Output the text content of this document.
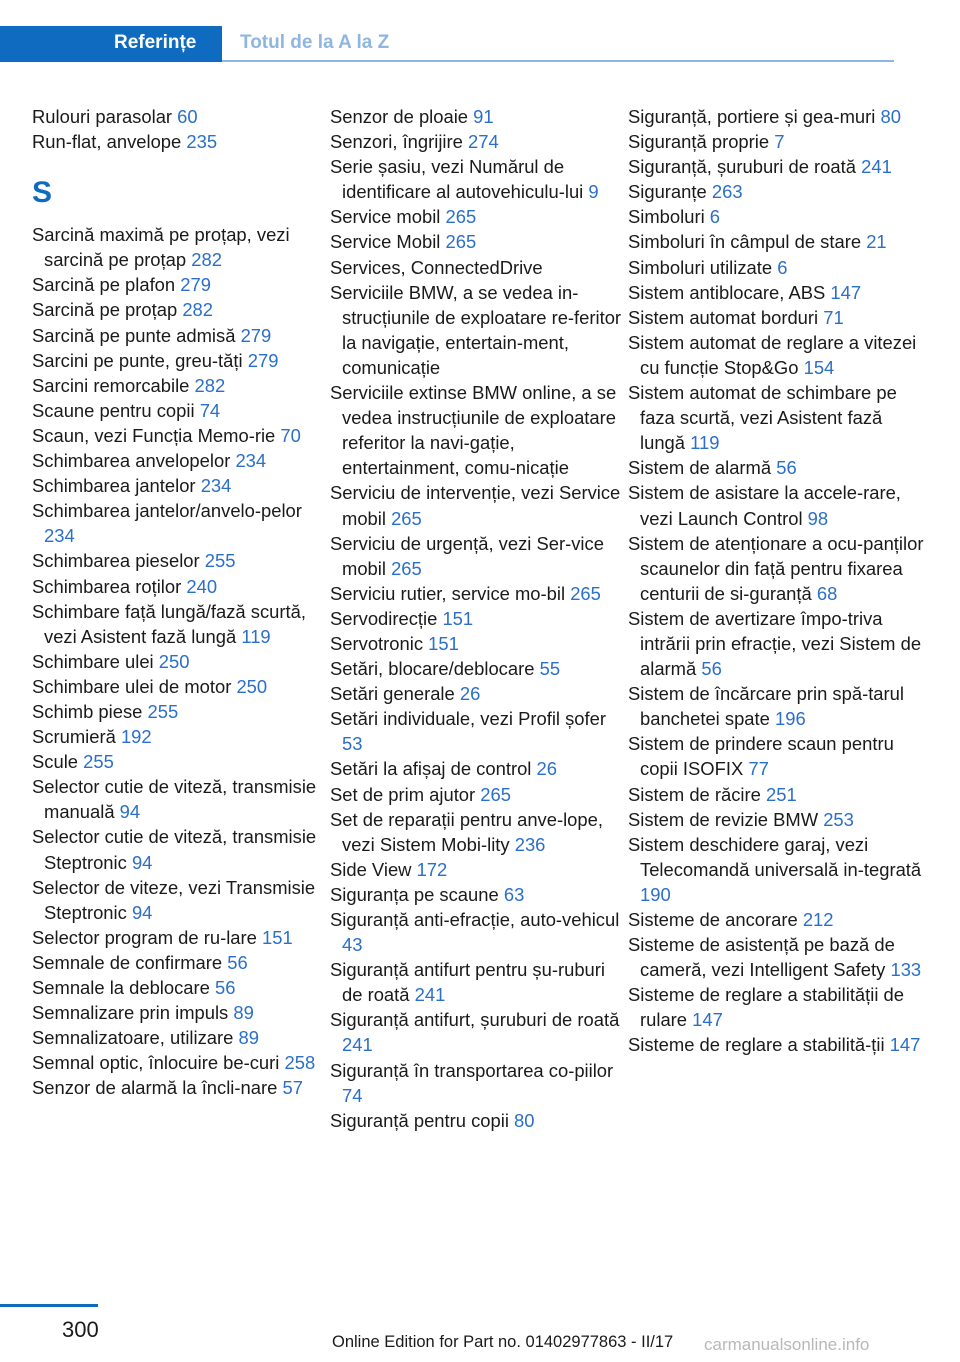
Referințe	Totul de la A la Z
Rulouri parasolar 60
Run-flat, anvelope 235
S
Sarcină maximă pe proțap, vezi sarcină pe proțap 282
Sarcină pe plafon 279
Sarcină pe proțap 282
Sarcină pe punte admisă 279
Sarcini pe punte, greu-tăți 279
Sarcini remorcabile 282
Scaune pentru copii 74
Scaun, vezi Funcția Memo-rie 70
Schimbarea anvelopelor 234
Schimbarea jantelor 234
Schimbarea jantelor/anvelo-pelor 234
Schimbarea pieselor 255
Schimbarea roților 240
Schimbare față lungă/fază scurtă, vezi Asistent fază lungă 119
Schimbare ulei 250
Schimbare ulei de motor 250
Schimb piese 255
Scrumieră 192
Scule 255
Selector cutie de viteză, transmisie manuală 94
Selector cutie de viteză, transmisie Steptronic 94
Selector de viteze, vezi Transmisie Steptronic 94
Selector program de ru-lare 151
Semnale de confirmare 56
Semnale la deblocare 56
Semnalizare prin impuls 89
Semnalizatoare, utilizare 89
Semnal optic, înlocuire be-curi 258
Senzor de alarmă la încli-nare 57
Senzor de ploaie 91
Senzori, îngrijire 274
Serie șasiu, vezi Numărul de identificare al autovehiculu-lui 9
Service mobil 265
Service Mobil 265
Services, ConnectedDrive
Serviciile BMW, a se vedea in-strucțiunile de exploatare re-feritor la navigație, entertain-ment, comunicație
Serviciile extinse BMW online, a se vedea instrucțiunile de exploatare referitor la navi-gație, entertainment, comu-nicație
Serviciu de intervenție, vezi Service mobil 265
Serviciu de urgență, vezi Ser-vice mobil 265
Serviciu rutier, service mo-bil 265
Servodirecție 151
Servotronic 151
Setări, blocare/deblocare 55
Setări generale 26
Setări individuale, vezi Profil șofer 53
Setări la afișaj de control 26
Set de prim ajutor 265
Set de reparații pentru anve-lope, vezi Sistem Mobi-lity 236
Side View 172
Siguranța pe scaune 63
Siguranță anti-efracție, auto-vehicul 43
Siguranță antifurt pentru șu-ruburi de roată 241
Siguranță antifurt, șuruburi de roată 241
Siguranță în transportarea co-piilor 74
Siguranță pentru copii 80
Siguranță, portiere și gea-muri 80
Siguranță proprie 7
Siguranță, șuruburi de roată 241
Siguranțe 263
Simboluri 6
Simboluri în câmpul de stare 21
Simboluri utilizate 6
Sistem antiblocare, ABS 147
Sistem automat borduri 71
Sistem automat de reglare a vitezei cu funcție Stop&Go 154
Sistem automat de schimbare pe faza scurtă, vezi Asistent fază lungă 119
Sistem de alarmă 56
Sistem de asistare la accele-rare, vezi Launch Control 98
Sistem de atenționare a ocu-panților scaunelor din față pentru fixarea centurii de si-guranță 68
Sistem de avertizare împo-triva intrării prin efracție, vezi Sistem de alarmă 56
Sistem de încărcare prin spă-tarul banchetei spate 196
Sistem de prindere scaun pentru copii ISOFIX 77
Sistem de răcire 251
Sistem de revizie BMW 253
Sistem deschidere garaj, vezi Telecomandă universală in-tegrată 190
Sisteme de ancorare 212
Sisteme de asistență pe bază de cameră, vezi Intelligent Safety 133
Sisteme de reglare a stabilității de rulare 147
Sisteme de reglare a stabilită-ții 147
300	Online Edition for Part no. 01402977863 - II/17 carmanualsonline.info
